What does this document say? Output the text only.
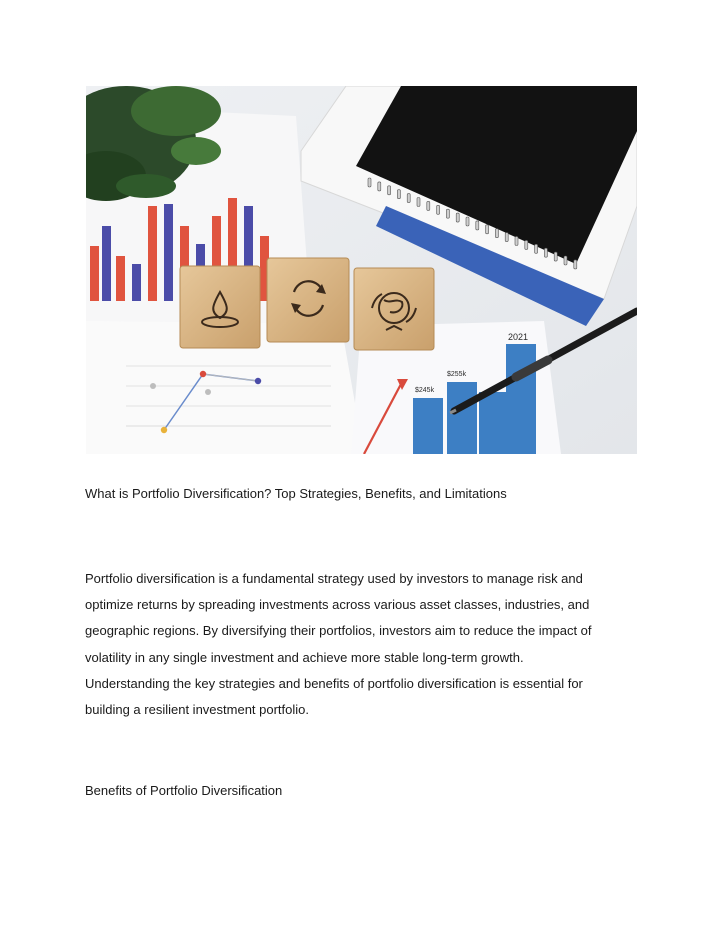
$245k
$255k
2021
What is Portfolio Diversification? Top Strategies, Benefits, and Limitations

Portfolio diversification is a fundamental strategy used by investors to manage risk and
optimize returns by spreading investments across various asset classes, industries, and
geographic regions. By diversifying their portfolios, investors aim to reduce the impact of
volatility in any single investment and achieve more stable long-term growth.
Understanding the key strategies and benefits of portfolio diversification is essential for
building a resilient investment portfolio.

Benefits of Portfolio Diversification
